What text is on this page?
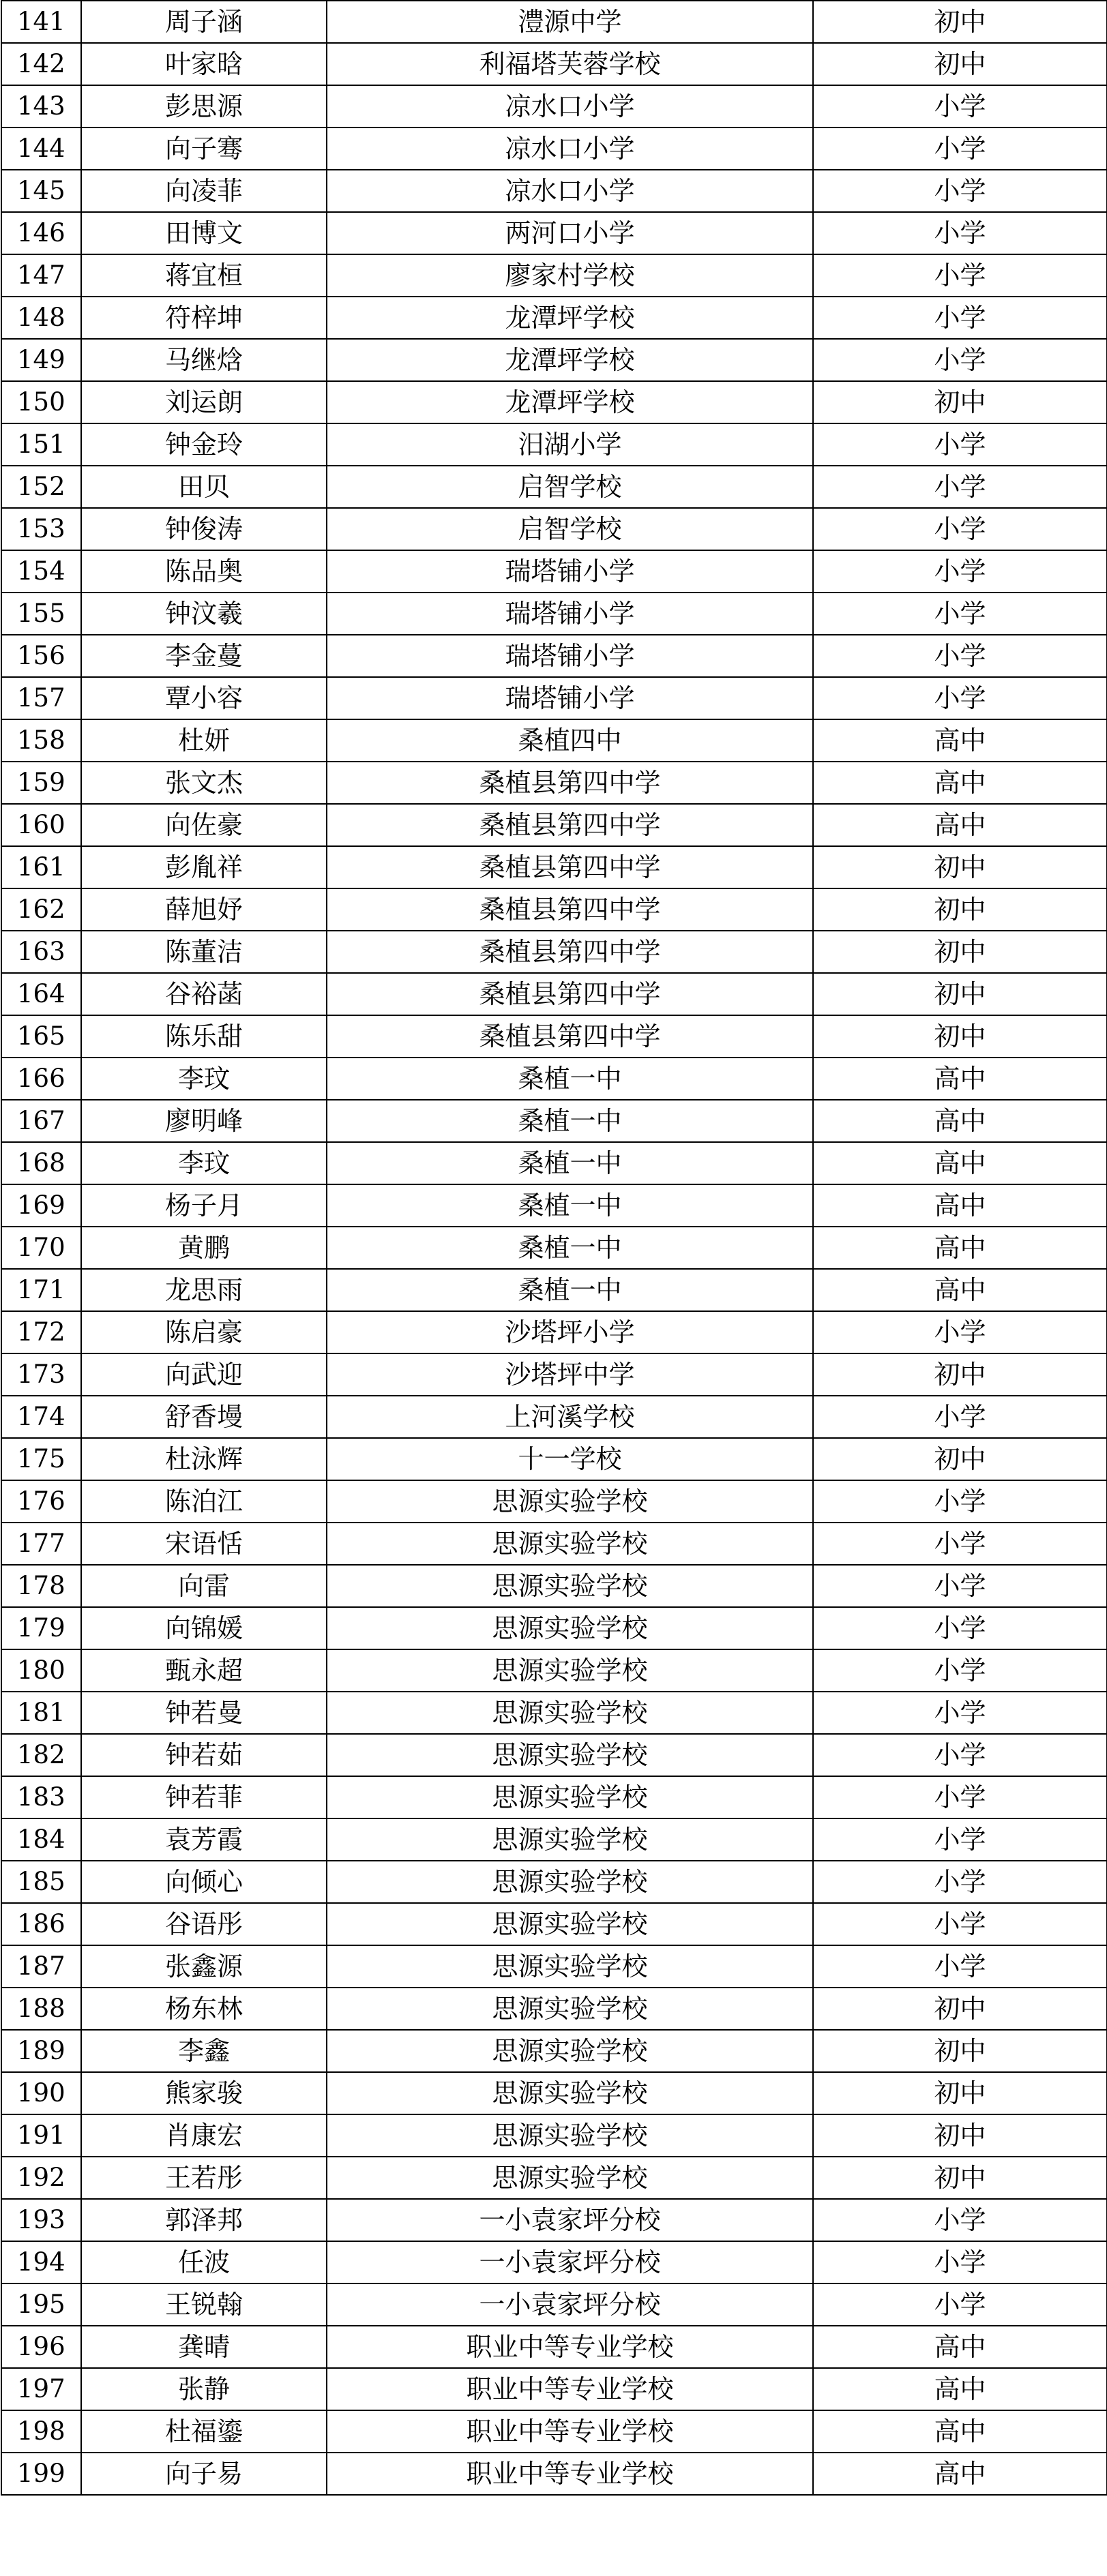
141	周子涵	澧源中学	初中
142	叶家晗	利福塔芙蓉学校	初中
143	彭思源	凉水口小学	小学
144	向子骞	凉水口小学	小学
145	向凌菲	凉水口小学	小学
146	田博文	两河口小学	小学
147	蒋宜桓	廖家村学校	小学
148	符梓坤	龙潭坪学校	小学
149	马继焓	龙潭坪学校	小学
150	刘运朗	龙潭坪学校	初中
151	钟金玲	汨湖小学	小学
152	田贝	启智学校	小学
153	钟俊涛	启智学校	小学
154	陈品奥	瑞塔铺小学	小学
155	钟汶羲	瑞塔铺小学	小学
156	李金蔓	瑞塔铺小学	小学
157	覃小容	瑞塔铺小学	小学
158	杜妍	桑植四中	高中
159	张文杰	桑植县第四中学	高中
160	向佐豪	桑植县第四中学	高中
161	彭胤祥	桑植县第四中学	初中
162	薛旭妤	桑植县第四中学	初中
163	陈董洁	桑植县第四中学	初中
164	谷裕菡	桑植县第四中学	初中
165	陈乐甜	桑植县第四中学	初中
166	李玟	桑植一中	高中
167	廖明峰	桑植一中	高中
168	李玟	桑植一中	高中
169	杨子月	桑植一中	高中
170	黄鹏	桑植一中	高中
171	龙思雨	桑植一中	高中
172	陈启豪	沙塔坪小学	小学
173	向武迎	沙塔坪中学	初中
174	舒香墁	上河溪学校	小学
175	杜泳辉	十一学校	初中
176	陈泊江	思源实验学校	小学
177	宋语恬	思源实验学校	小学
178	向雷	思源实验学校	小学
179	向锦媛	思源实验学校	小学
180	甄永超	思源实验学校	小学
181	钟若曼	思源实验学校	小学
182	钟若茹	思源实验学校	小学
183	钟若菲	思源实验学校	小学
184	袁芳霞	思源实验学校	小学
185	向倾心	思源实验学校	小学
186	谷语彤	思源实验学校	小学
187	张鑫源	思源实验学校	小学
188	杨东林	思源实验学校	初中
189	李鑫	思源实验学校	初中
190	熊家骏	思源实验学校	初中
191	肖康宏	思源实验学校	初中
192	王若彤	思源实验学校	初中
193	郭泽邦	一小袁家坪分校	小学
194	任波	一小袁家坪分校	小学
195	王锐翰	一小袁家坪分校	小学
196	龚晴	职业中等专业学校	高中
197	张静	职业中等专业学校	高中
198	杜福鎏	职业中等专业学校	高中
199	向子易	职业中等专业学校	高中
